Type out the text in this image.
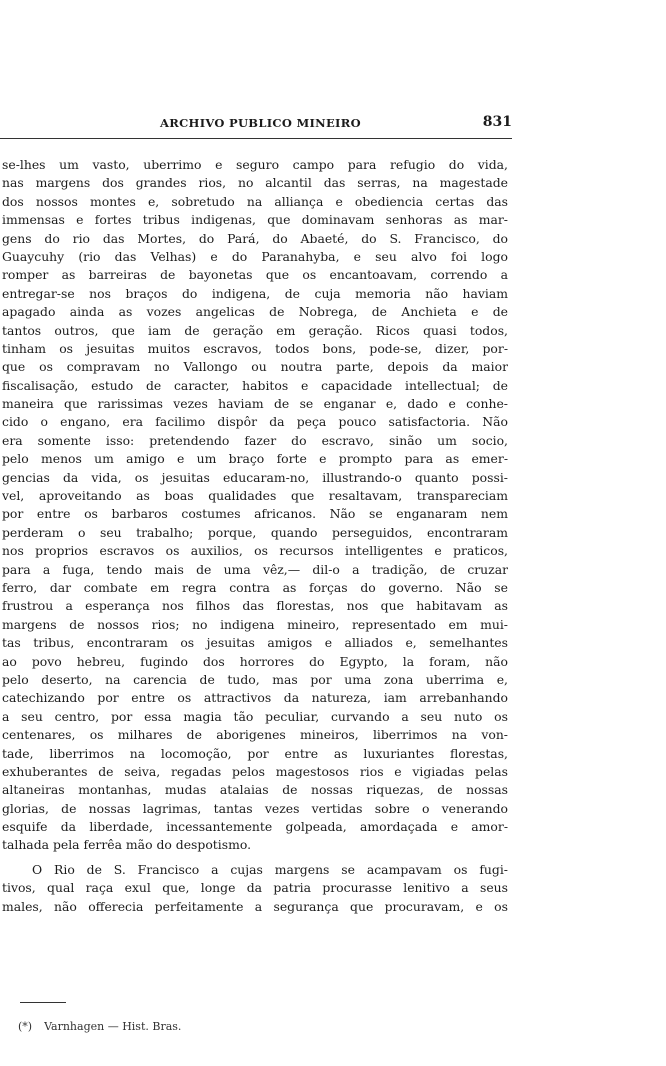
ARCHIVO PUBLICO MINEIRO	831
se-lhes um vasto, uberrimo e seguro campo para refugio do vida,
nas margens dos grandes rios, no alcantil das serras, na magestade
dos nossos montes e, sobretudo na alliança e obediencia certas das
immensas e fortes tribus indigenas, que dominavam senhoras as mar-
gens do rio das Mortes, do Pará, do Abaeté, do S. Francisco, do
Guaycuhy (rio das Velhas) e do Paranahyba, e seu alvo foi logo
romper as barreiras de bayonetas que os encantoavam, correndo a
entregar-se nos braços do indigena, de cuja memoria não haviam
apagado ainda as vozes angelicas de Nobrega, de Anchieta e de
tantos outros, que iam de geração em geração. Ricos quasi todos,
tinham os jesuitas muitos escravos, todos bons, pode-se, dizer, por-
que os compravam no Vallongo ou noutra parte, depois da maior
fiscalisação, estudo de caracter, habitos e capacidade intellectual; de
maneira que rarissimas vezes haviam de se enganar e, dado e conhe-
cido o engano, era facilimo dispôr da peça pouco satisfactoria. Não
era somente isso: pretendendo fazer do escravo, sinão um socio,
pelo menos um amigo e um braço forte e prompto para as emer-
gencias da vida, os jesuitas educaram-no, illustrando-o quanto possi-
vel, aproveitando as boas qualidades que resaltavam, transpareciam
por entre os barbaros costumes africanos. Não se enganaram nem
perderam o seu trabalho; porque, quando perseguidos, encontraram
nos proprios escravos os auxilios, os recursos intelligentes e praticos,
para a fuga, tendo mais de uma vêz,— dil-o a tradição, de cruzar
ferro, dar combate em regra contra as forças do governo. Não se
frustrou a esperança nos filhos das florestas, nos que habitavam as
margens de nossos rios; no indigena mineiro, representado em mui-
tas tribus, encontraram os jesuitas amigos e alliados e, semelhantes
ao povo hebreu, fugindo dos horrores do Egypto, la foram, não
pelo deserto, na carencia de tudo, mas por uma zona uberrima e,
catechizando por entre os attractivos da natureza, iam arrebanhando
a seu centro, por essa magia tão peculiar, curvando a seu nuto os
centenares, os milhares de aborigenes mineiros, liberrimos na von-
tade, liberrimos na locomoção, por entre as luxuriantes florestas,
exhuberantes de seiva, regadas pelos magestosos rios e vigiadas pelas
altaneiras montanhas, mudas atalaias de nossas riquezas, de nossas
glorias, de nossas lagrimas, tantas vezes vertidas sobre o venerando
esquife da liberdade, incessantemente golpeada, amordaçada e amor-
talhada pela ferrêa mão do despotismo.
O Rio de S. Francisco a cujas margens se acampavam os fugi-
tivos, qual raça exul que, longe da patria procurasse lenitivo a seus
males, não offerecia perfeitamente a segurança que procuravam, e os
(*) Varnhagen — Hist. Bras.
